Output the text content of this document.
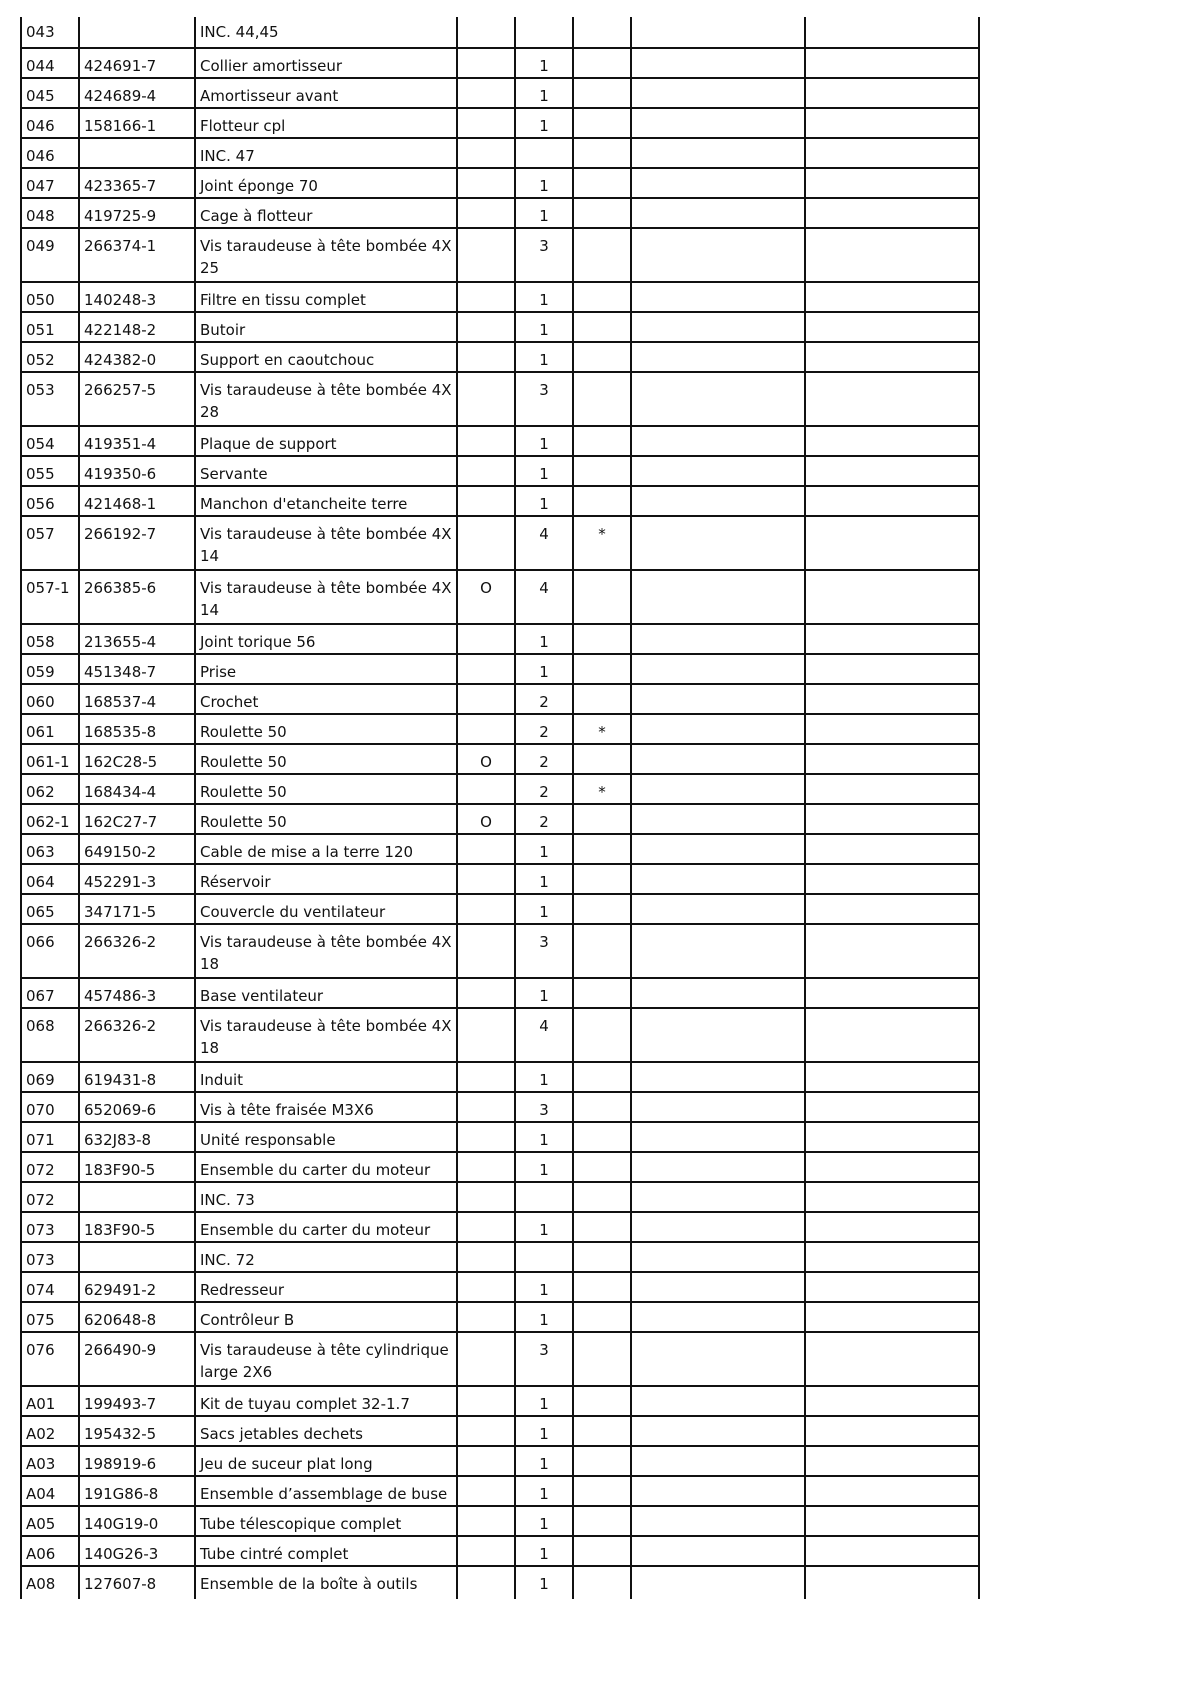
043		INC. 44,45					
044	424691-7	Collier amortisseur		1			
045	424689-4	Amortisseur avant		1			
046	158166-1	Flotteur cpl		1			
046		INC. 47					
047	423365-7	Joint éponge 70		1			
048	419725-9	Cage à flotteur		1			
049	266374-1	Vis taraudeuse à tête bombée 4X 25		3			
050	140248-3	Filtre en tissu complet		1			
051	422148-2	Butoir		1			
052	424382-0	Support en caoutchouc		1			
053	266257-5	Vis taraudeuse à tête bombée 4X 28		3			
054	419351-4	Plaque de support		1			
055	419350-6	Servante		1			
056	421468-1	Manchon d'etancheite terre		1			
057	266192-7	Vis taraudeuse à tête bombée 4X 14		4	*		
057-1	266385-6	Vis taraudeuse à tête bombée 4X 14	O	4			
058	213655-4	Joint torique 56		1			
059	451348-7	Prise		1			
060	168537-4	Crochet		2			
061	168535-8	Roulette 50		2	*		
061-1	162C28-5	Roulette 50	O	2			
062	168434-4	Roulette 50		2	*		
062-1	162C27-7	Roulette 50	O	2			
063	649150-2	Cable de mise a la terre 120		1			
064	452291-3	Réservoir		1			
065	347171-5	Couvercle du ventilateur		1			
066	266326-2	Vis taraudeuse à tête bombée 4X 18		3			
067	457486-3	Base ventilateur		1			
068	266326-2	Vis taraudeuse à tête bombée 4X 18		4			
069	619431-8	Induit		1			
070	652069-6	Vis à tête fraisée M3X6		3			
071	632J83-8	Unité responsable		1			
072	183F90-5	Ensemble du carter du moteur		1			
072		INC. 73					
073	183F90-5	Ensemble du carter du moteur		1			
073		INC. 72					
074	629491-2	Redresseur		1			
075	620648-8	Contrôleur B		1			
076	266490-9	Vis taraudeuse à tête cylindrique large 2X6		3			
A01	199493-7	Kit de tuyau complet 32-1.7		1			
A02	195432-5	Sacs jetables dechets		1			
A03	198919-6	Jeu de suceur plat long		1			
A04	191G86-8	Ensemble d’assemblage de buse		1			
A05	140G19-0	Tube télescopique complet		1			
A06	140G26-3	Tube cintré complet		1			
A08	127607-8	Ensemble de la boîte à outils		1			
